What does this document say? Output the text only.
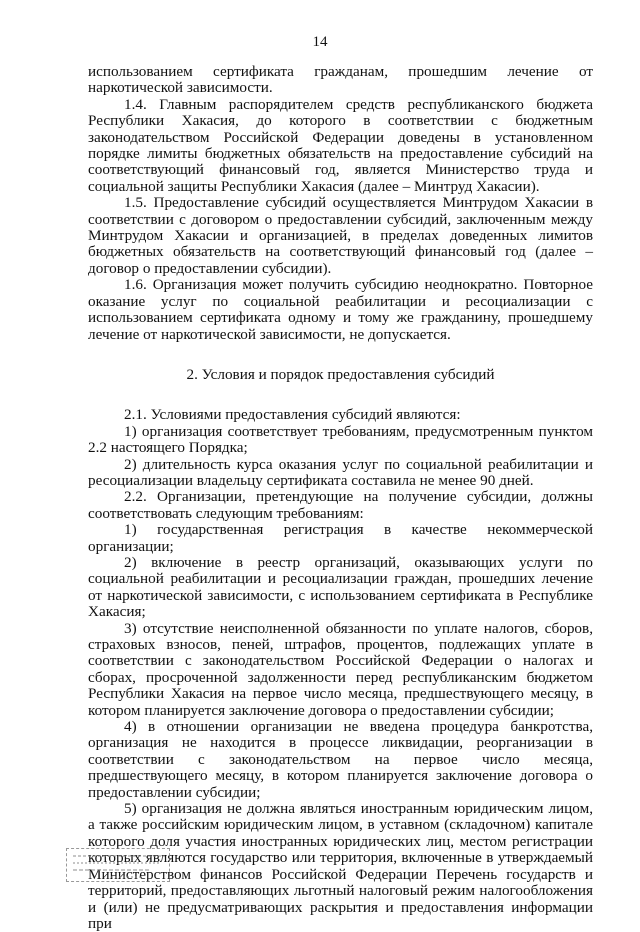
14

использованием сертификата гражданам, прошедшим лечение от наркотической зависимости.

1.4. Главным распорядителем средств республиканского бюджета Республики Хакасия, до которого в соответствии с бюджетным законодательством Российской Федерации доведены в установленном порядке лимиты бюджетных обязательств на предоставление субсидий на соответствующий финансовый год, является Министерство труда и социальной защиты Республики Хакасия (далее – Минтруд Хакасии).

1.5. Предоставление субсидий осуществляется Минтрудом Хакасии в соответствии с договором о предоставлении субсидий, заключенным между Минтрудом Хакасии и организацией, в пределах доведенных лимитов бюджетных обязательств на соответствующий финансовый год (далее – договор о предоставлении субсидии).

1.6. Организация может получить субсидию неоднократно. Повторное оказание услуг по социальной реабилитации и ресоциализации с использованием сертификата одному и тому же гражданину, прошедшему лечение от наркотической зависимости, не допускается.

2. Условия и порядок предоставления субсидий

2.1. Условиями предоставления субсидий являются:

1) организация соответствует требованиям, предусмотренным пунктом 2.2 настоящего Порядка;

2) длительность курса оказания услуг по социальной реабилитации и ресоциализации владельцу сертификата составила не менее 90 дней.

2.2. Организации, претендующие на получение субсидии, должны соответствовать следующим требованиям:

1) государственная регистрация в качестве некоммерческой организации;

2) включение в реестр организаций, оказывающих услуги по социальной реабилитации и ресоциализации граждан, прошедших лечение от наркотической зависимости, с использованием сертификата в Республике Хакасия;

3) отсутствие неисполненной обязанности по уплате налогов, сборов, страховых взносов, пеней, штрафов, процентов, подлежащих уплате в соответствии с законодательством Российской Федерации о налогах и сборах, просроченной задолженности перед республиканским бюджетом Республики Хакасия на первое число месяца, предшествующего месяцу, в котором планируется заключение договора о предоставлении субсидии;

4) в отношении организации не введена процедура банкротства, организация не находится в процессе ликвидации, реорганизации в соответствии с законодательством на первое число месяца, предшествующего месяцу, в котором планируется заключение договора о предоставлении субсидии;

5) организация не должна являться иностранным юридическим лицом, а также российским юридическим лицом, в уставном (складочном) капитале которого доля участия иностранных юридических лиц, местом регистрации которых являются государство или территория, включенные в утверждаемый Министерством финансов Российской Федерации Перечень государств и территорий, предоставляющих льготный налоговый режим налогообложения и (или) не предусматривающих раскрытия и предоставления информации при
